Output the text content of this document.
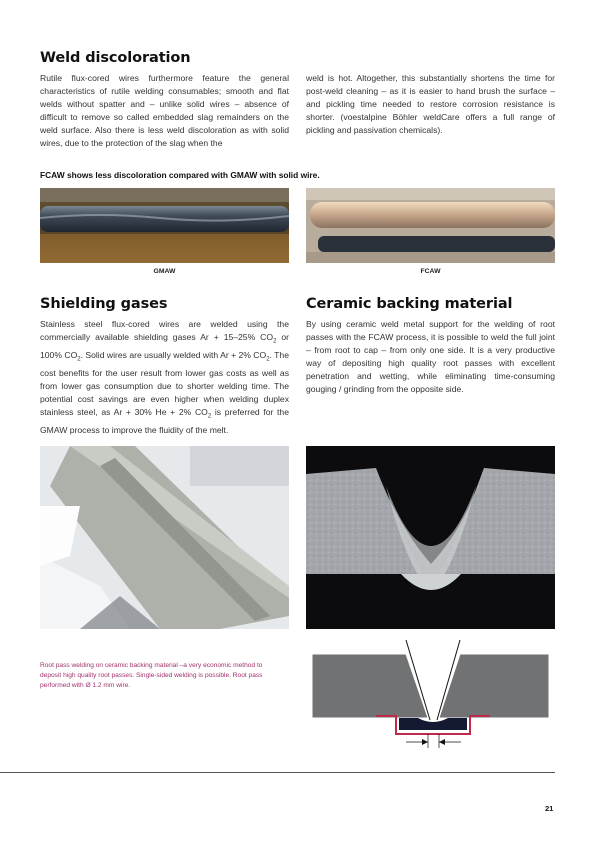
Weld discoloration

Rutile flux-cored wires furthermore feature the general characteristics of rutile welding consumables; smooth and flat welds without spatter and – unlike solid wires – absence of difficult to remove so called embedded slag remainders on the weld surface. Also there is less weld discoloration as with solid wires, due to the protection of the slag when the

weld is hot. Altogether, this substantially shortens the time for post-weld cleaning – as it is easier to hand brush the surface – and pickling time needed to restore corrosion resistance is shorter. (voestalpine Böhler weldCare offers a full range of pickling and passivation chemicals).

FCAW shows less discoloration compared with GMAW with solid wire.
GMAW	FCAW
Shielding gases

Stainless steel flux-cored wires are welded using the commercially available shielding gases Ar + 15–25% $CO_2$ or 100% $CO_2$. Solid wires are usually welded with Ar + 2% $CO_2$. The cost benefits for the user result from lower gas costs as well as from lower gas consumption due to shorter welding time. The potential cost savings are even higher when welding duplex stainless steel, as Ar + 30% He + 2% $CO_2$ is preferred for the GMAW process to improve the fluidity of the melt.

Ceramic backing material

By using ceramic weld metal support for the welding of root passes with the FCAW process, it is possible to weld the full joint – from root to cap – from only one side. It is a very productive way of depositing high quality root passes with excellent penetration and wetting, while eliminating time-consuming gouging / grinding from the opposite side.

Root pass welding on ceramic backing material –a very economic method to deposit high quality root passes. Single-sided welding is possible. Root pass performed with Ø 1.2 mm wire.
21
